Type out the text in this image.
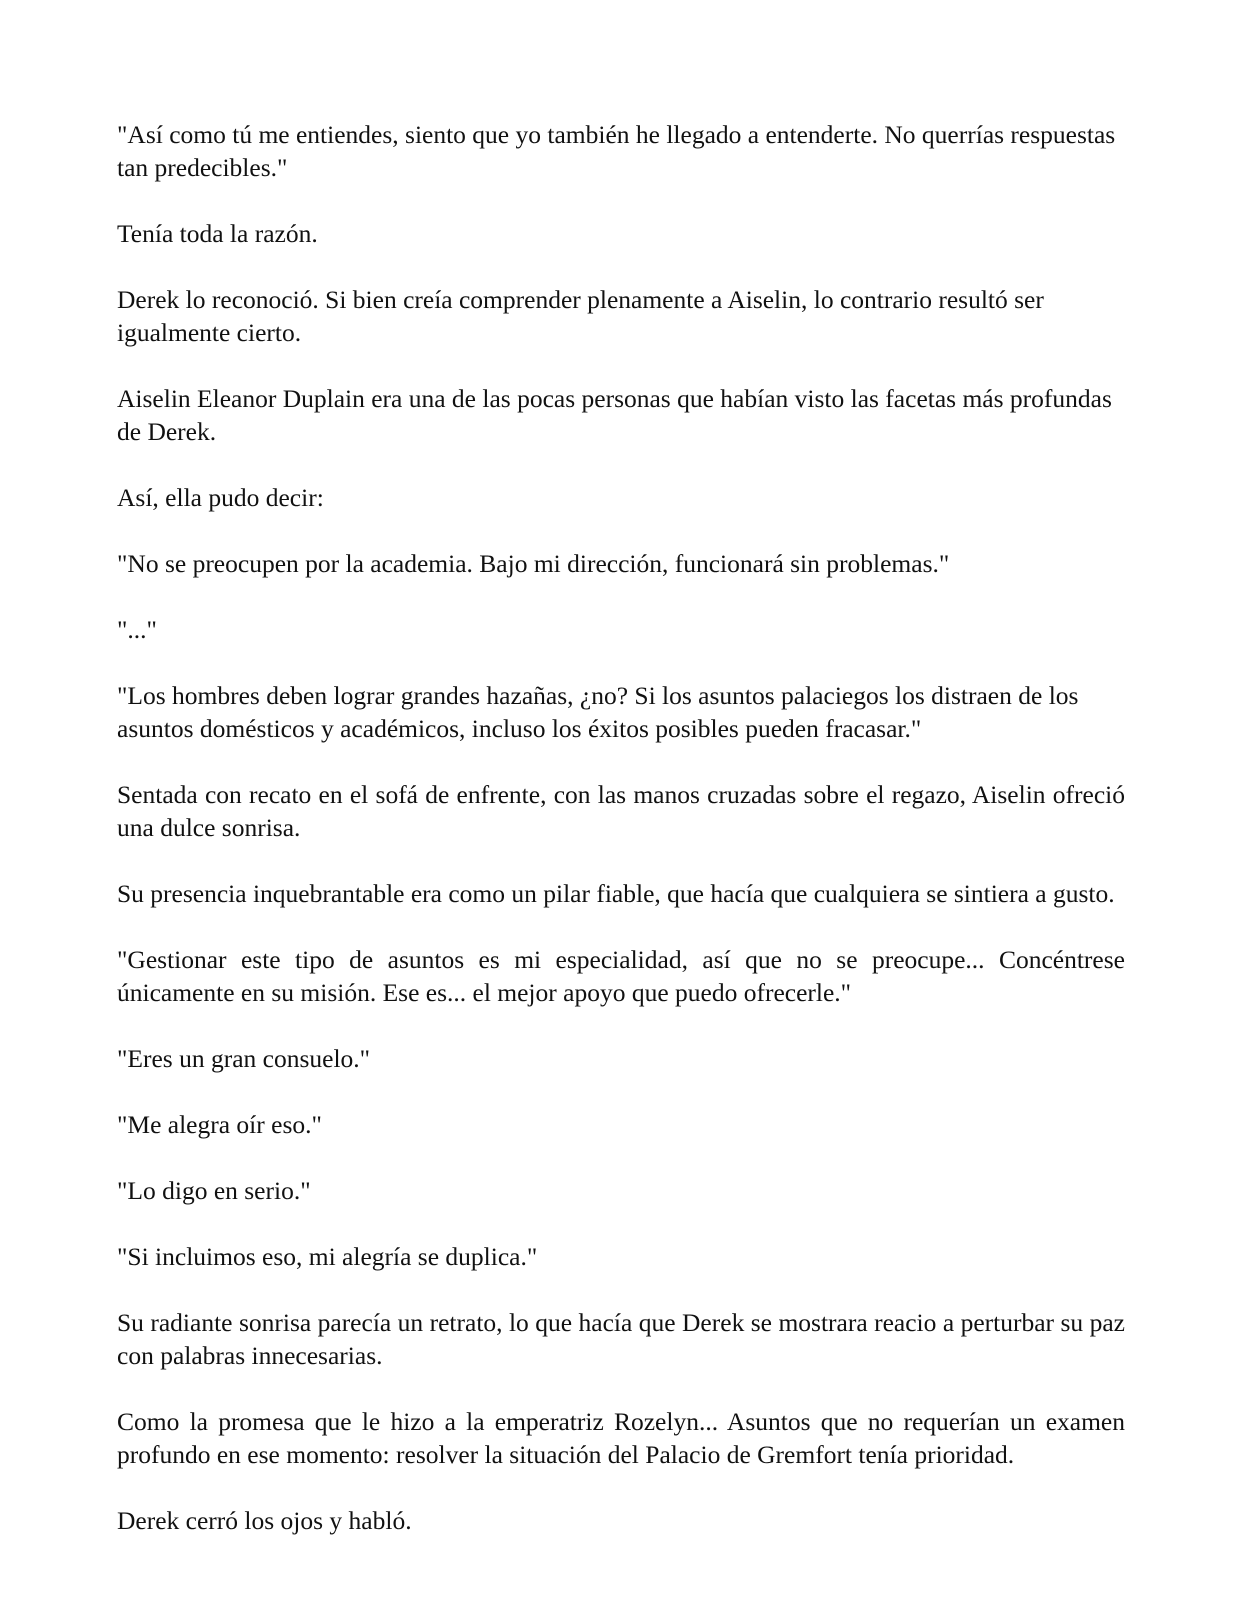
"Así como tú me entiendes, siento que yo también he llegado a entenderte. No querrías respuestas tan predecibles."

Tenía toda la razón.

Derek lo reconoció. Si bien creía comprender plenamente a Aiselin, lo contrario resultó ser igualmente cierto.

Aiselin Eleanor Duplain era una de las pocas personas que habían visto las facetas más profundas de Derek.

Así, ella pudo decir:

"No se preocupen por la academia. Bajo mi dirección, funcionará sin problemas."

"..."

"Los hombres deben lograr grandes hazañas, ¿no? Si los asuntos palaciegos los distraen de los asuntos domésticos y académicos, incluso los éxitos posibles pueden fracasar."

Sentada con recato en el sofá de enfrente, con las manos cruzadas sobre el regazo, Aiselin ofreció una dulce sonrisa.

Su presencia inquebrantable era como un pilar fiable, que hacía que cualquiera se sintiera a gusto.

"Gestionar este tipo de asuntos es mi especialidad, así que no se preocupe... Concéntrese únicamente en su misión. Ese es... el mejor apoyo que puedo ofrecerle."

"Eres un gran consuelo."

"Me alegra oír eso."

"Lo digo en serio."

"Si incluimos eso, mi alegría se duplica."

Su radiante sonrisa parecía un retrato, lo que hacía que Derek se mostrara reacio a perturbar su paz con palabras innecesarias.

Como la promesa que le hizo a la emperatriz Rozelyn... Asuntos que no requerían un examen profundo en ese momento: resolver la situación del Palacio de Gremfort tenía prioridad.

Derek cerró los ojos y habló.
